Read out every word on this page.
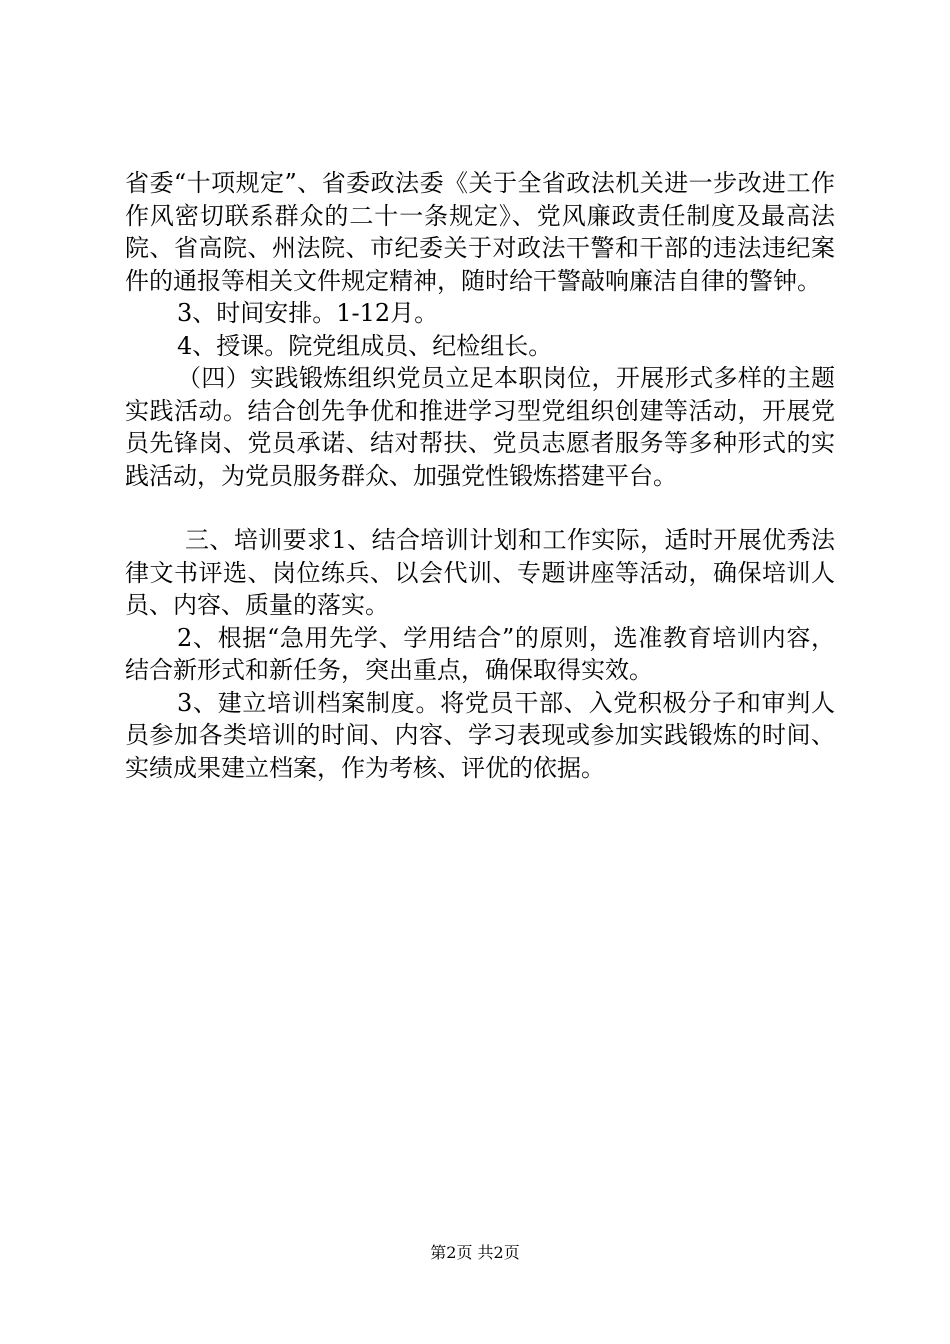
省委“十项规定”、省委政法委《关于全省政法机关进一步改进工作作风密切联系群众的二十一条规定》、党风廉政责任制度及最高法院、省高院、州法院、市纪委关于对政法干警和干部的违法违纪案件的通报等相关文件规定精神，随时给干警敲响廉洁自律的警钟。

3、时间安排。1-12月。

4、授课。院党组成员、纪检组长。

（四）实践锻炼组织党员立足本职岗位，开展形式多样的主题实践活动。结合创先争优和推进学习型党组织创建等活动，开展党员先锋岗、党员承诺、结对帮扶、党员志愿者服务等多种形式的实践活动，为党员服务群众、加强党性锻炼搭建平台。

三、培训要求1、结合培训计划和工作实际，适时开展优秀法律文书评选、岗位练兵、以会代训、专题讲座等活动，确保培训人员、内容、质量的落实。

2、根据“急用先学、学用结合”的原则，选准教育培训内容，结合新形式和新任务，突出重点，确保取得实效。

3、建立培训档案制度。将党员干部、入党积极分子和审判人员参加各类培训的时间、内容、学习表现或参加实践锻炼的时间、实绩成果建立档案，作为考核、评优的依据。

第2页 共2页
